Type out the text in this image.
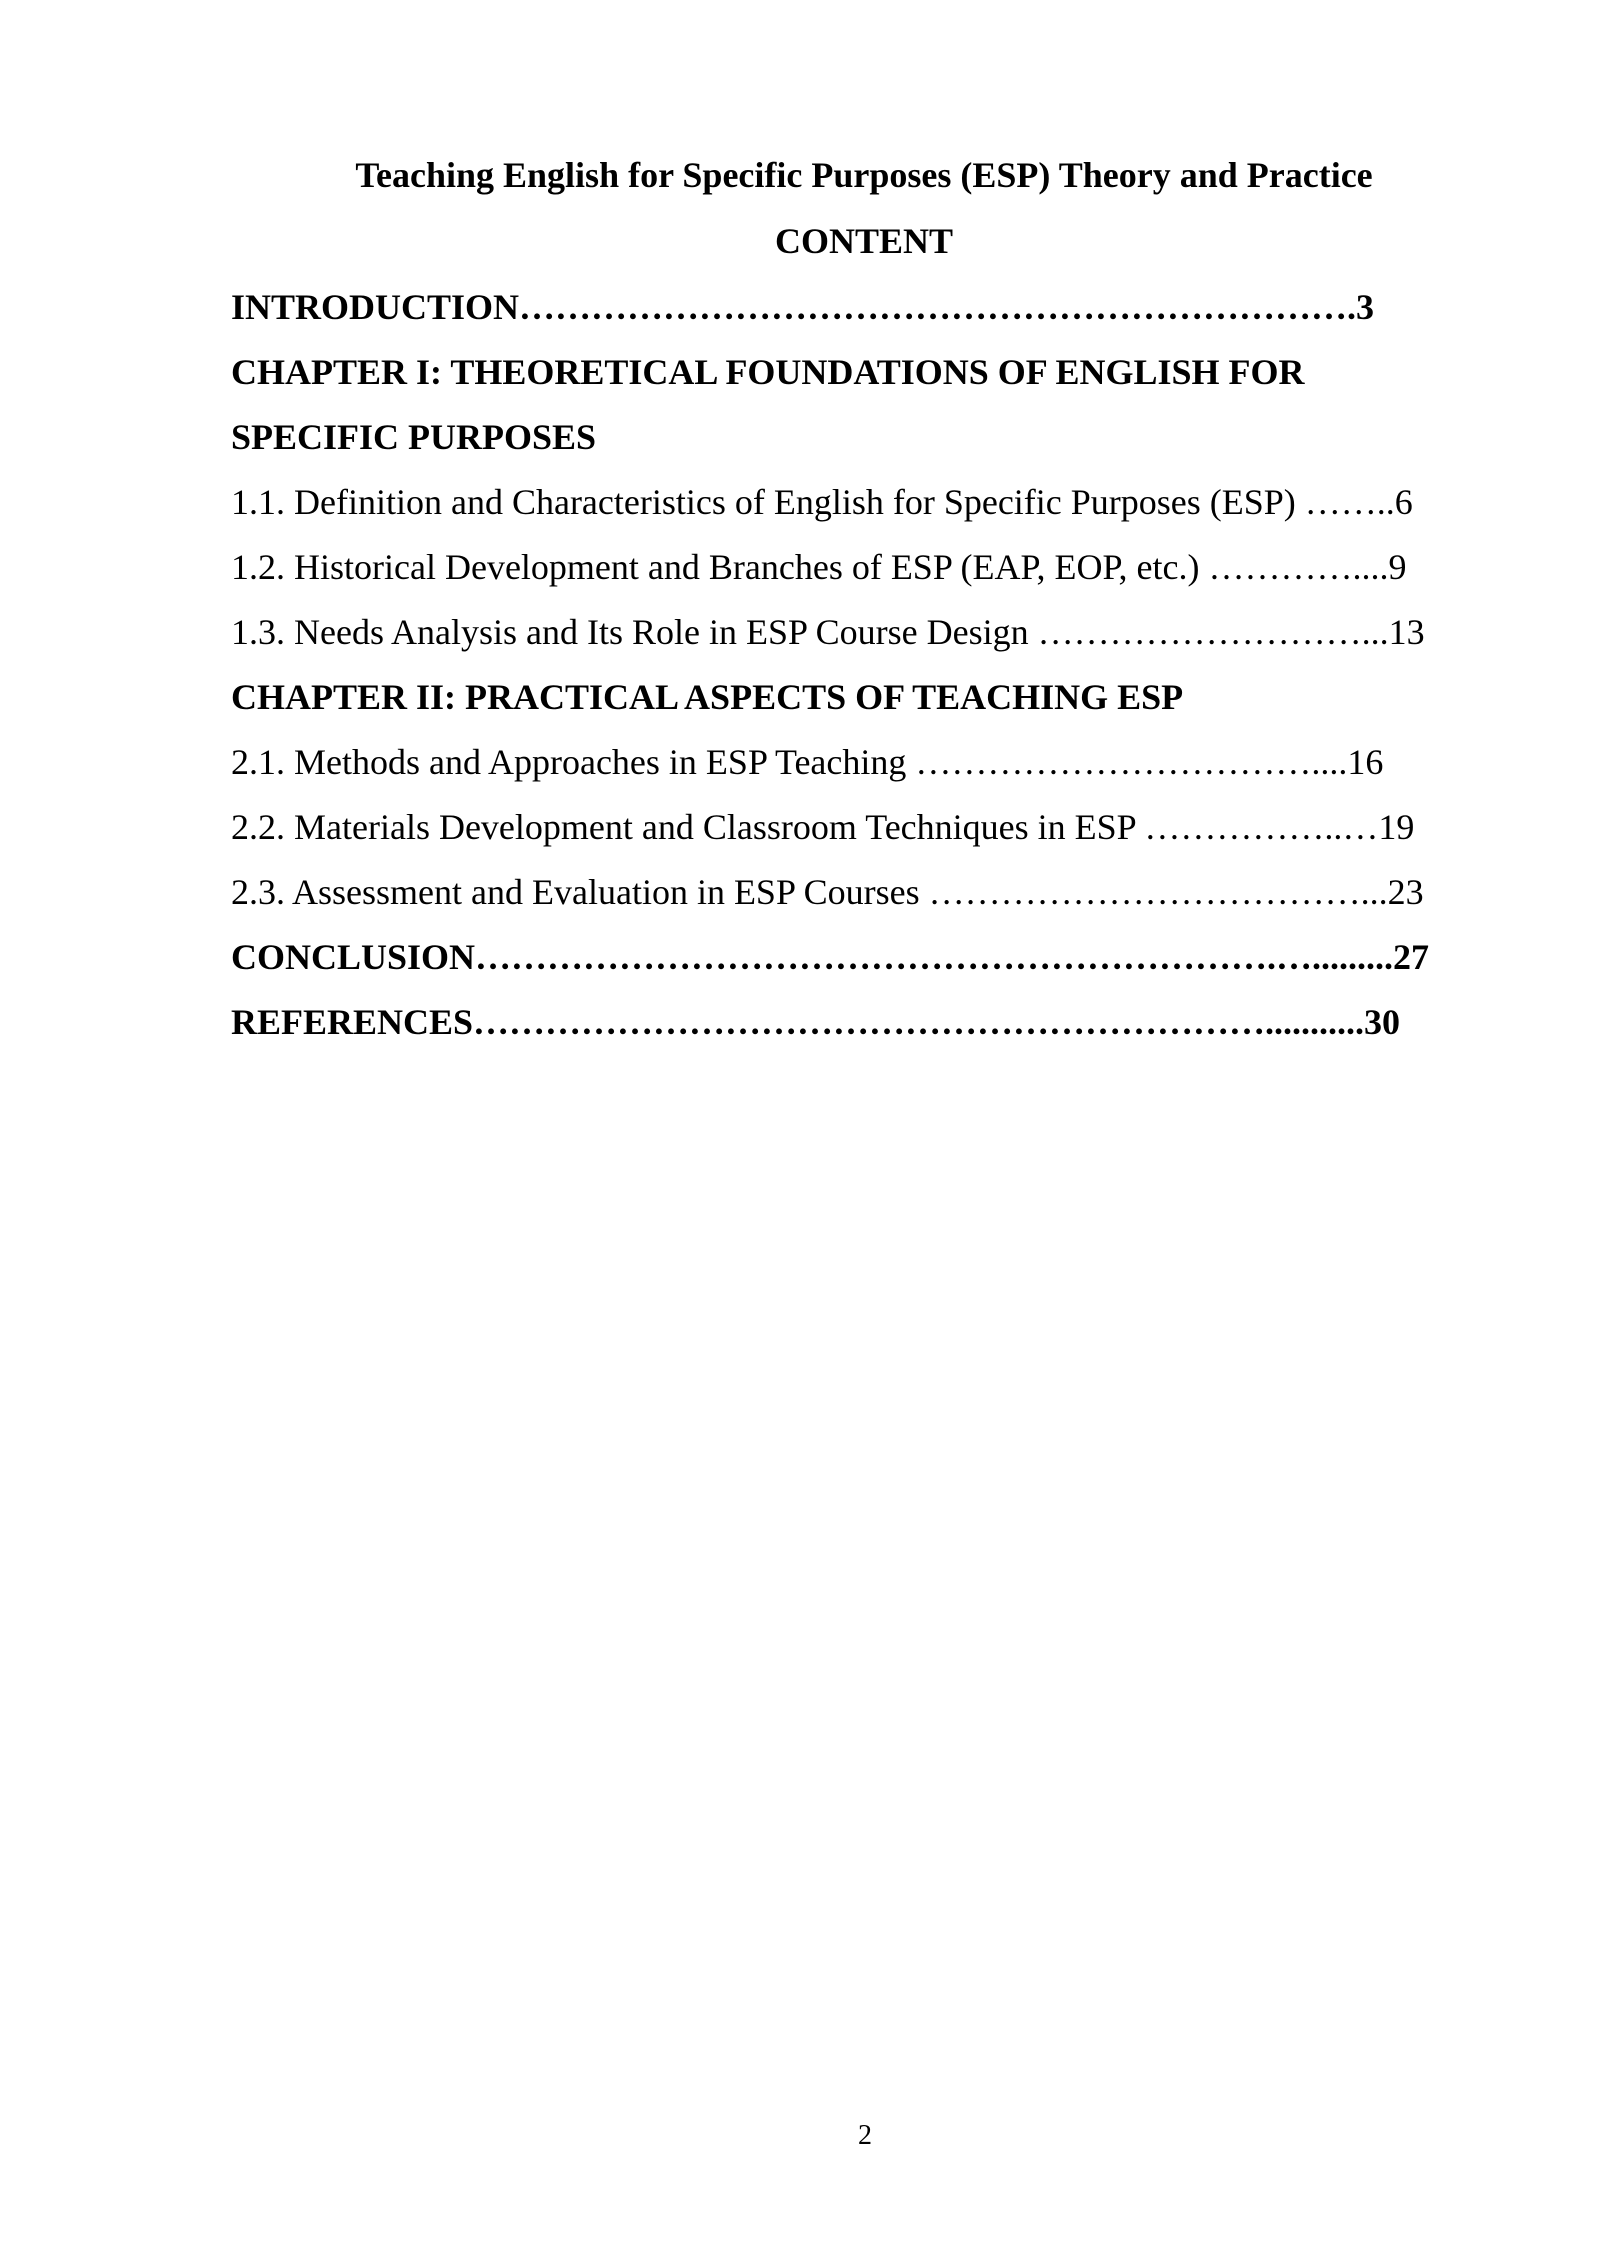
Teaching English for Specific Purposes (ESP) Theory and Practice
CONTENT
INTRODUCTION…………………………………………………………….3
CHAPTER I: THEORETICAL FOUNDATIONS OF ENGLISH FOR
SPECIFIC PURPOSES
1.1. Definition and Characteristics of English for Specific Purposes (ESP) ……..6
1.2. Historical Development and Branches of ESP (EAP, EOP, etc.) …………....9
1.3. Needs Analysis and Its Role in ESP Course Design ………………………...13
CHAPTER II: PRACTICAL ASPECTS OF TEACHING ESP
2.1. Methods and Approaches in ESP Teaching ……………………………....16
2.2. Materials Development and Classroom Techniques in ESP ……………..…19
2.3. Assessment and Evaluation in ESP Courses ………………………………...23
CONCLUSION………………………………………………………….….........27
REFERENCES…………………………………………………………...........30
2
